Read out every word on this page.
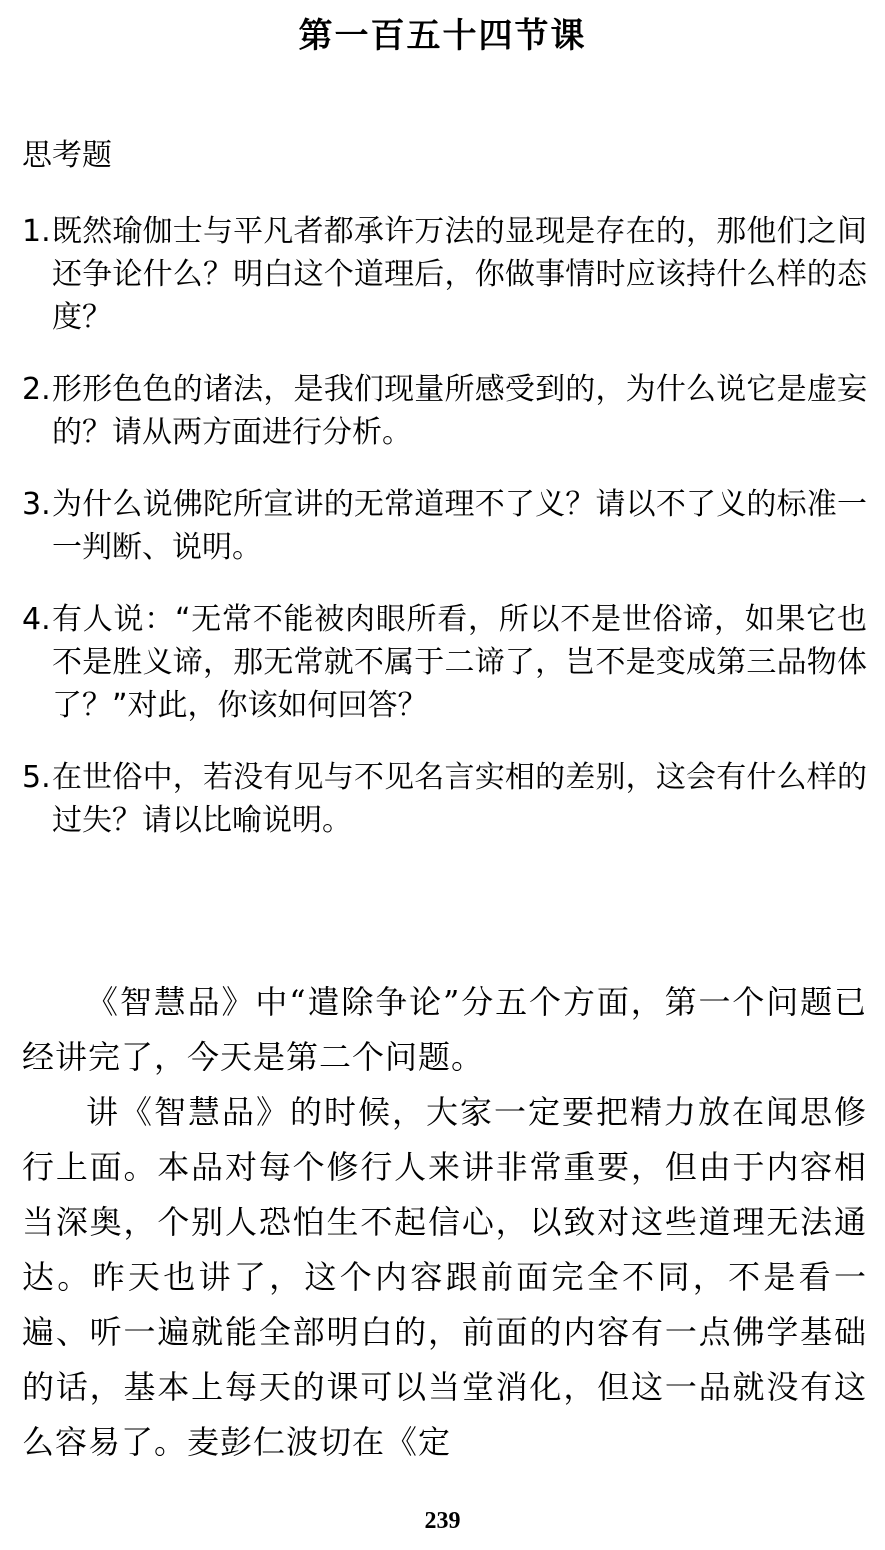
第一百五十四节课
思考题
1. 既然瑜伽士与平凡者都承许万法的显现是存在的，那他们之间还争论什么？明白这个道理后，你做事情时应该持什么样的态度？
2. 形形色色的诸法，是我们现量所感受到的，为什么说它是虚妄的？请从两方面进行分析。
3. 为什么说佛陀所宣讲的无常道理不了义？请以不了义的标准一一判断、说明。
4. 有人说：“无常不能被肉眼所看，所以不是世俗谛，如果它也不是胜义谛，那无常就不属于二谛了，岂不是变成第三品物体了？”对此，你该如何回答？
5. 在世俗中，若没有见与不见名言实相的差别，这会有什么样的过失？请以比喻说明。

《智慧品》中“遣除争论”分五个方面，第一个问题已经讲完了，今天是第二个问题。

讲《智慧品》的时候，大家一定要把精力放在闻思修行上面。本品对每个修行人来讲非常重要，但由于内容相当深奥，个别人恐怕生不起信心，以致对这些道理无法通达。昨天也讲了，这个内容跟前面完全不同，不是看一遍、听一遍就能全部明白的，前面的内容有一点佛学基础的话，基本上每天的课可以当堂消化，但这一品就没有这么容易了。麦彭仁波切在《定

239
